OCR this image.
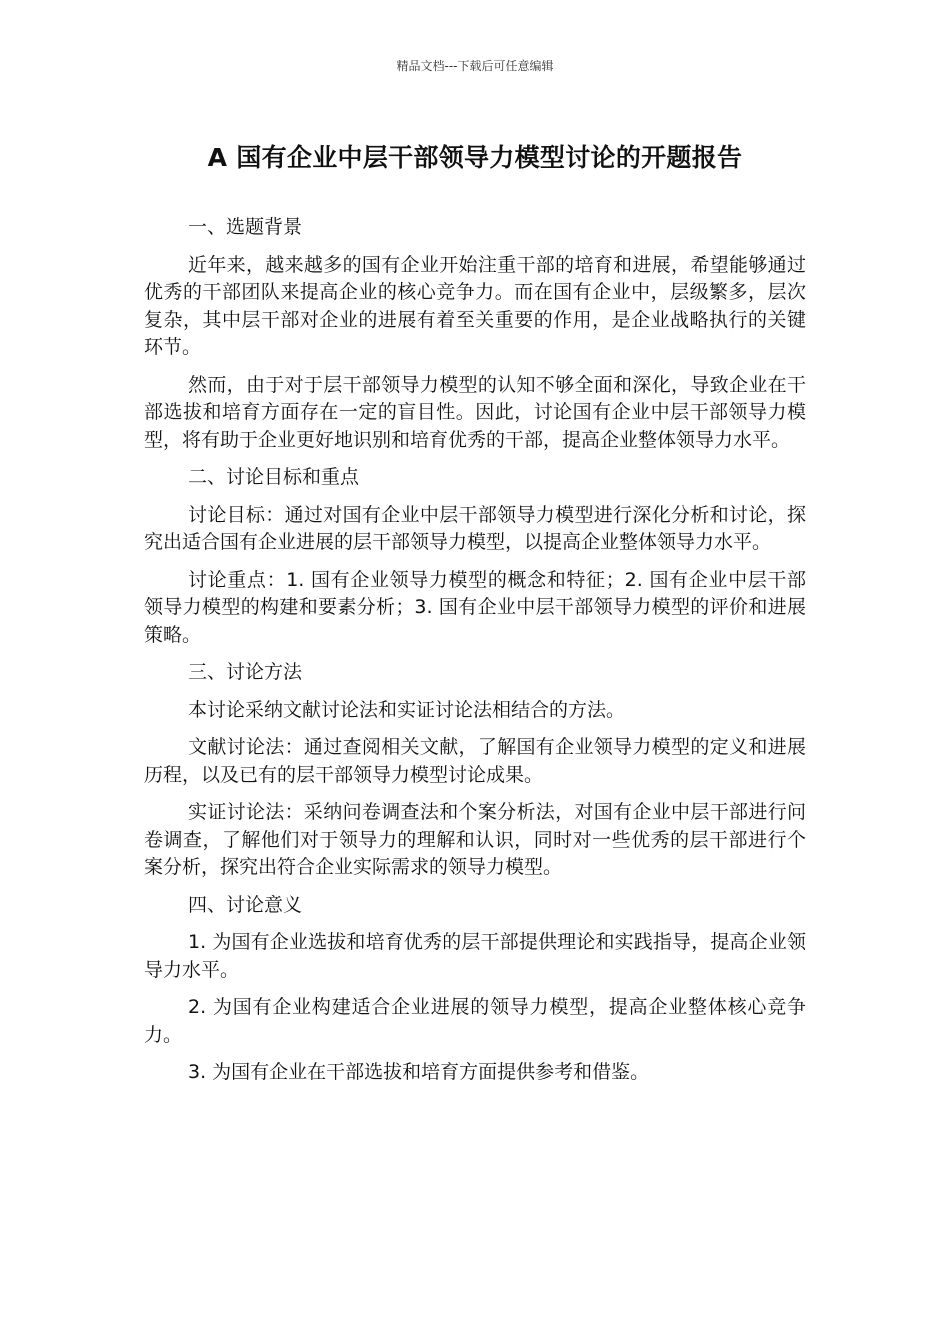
精品文档---下载后可任意编辑
A 国有企业中层干部领导力模型讨论的开题报告

一、选题背景

近年来，越来越多的国有企业开始注重干部的培育和进展，希望能够通过优秀的干部团队来提高企业的核心竞争力。而在国有企业中，层级繁多，层次复杂，其中层干部对企业的进展有着至关重要的作用，是企业战略执行的关键环节。

然而，由于对于层干部领导力模型的认知不够全面和深化，导致企业在干部选拔和培育方面存在一定的盲目性。因此，讨论国有企业中层干部领导力模型，将有助于企业更好地识别和培育优秀的干部，提高企业整体领导力水平。

二、讨论目标和重点

讨论目标：通过对国有企业中层干部领导力模型进行深化分析和讨论，探究出适合国有企业进展的层干部领导力模型，以提高企业整体领导力水平。

讨论重点：1. 国有企业领导力模型的概念和特征；2. 国有企业中层干部领导力模型的构建和要素分析；3. 国有企业中层干部领导力模型的评价和进展策略。

三、讨论方法

本讨论采纳文献讨论法和实证讨论法相结合的方法。

文献讨论法：通过查阅相关文献，了解国有企业领导力模型的定义和进展历程，以及已有的层干部领导力模型讨论成果。

实证讨论法：采纳问卷调查法和个案分析法，对国有企业中层干部进行问卷调查，了解他们对于领导力的理解和认识，同时对一些优秀的层干部进行个案分析，探究出符合企业实际需求的领导力模型。

四、讨论意义

1. 为国有企业选拔和培育优秀的层干部提供理论和实践指导，提高企业领导力水平。

2. 为国有企业构建适合企业进展的领导力模型，提高企业整体核心竞争力。

3. 为国有企业在干部选拔和培育方面提供参考和借鉴。
